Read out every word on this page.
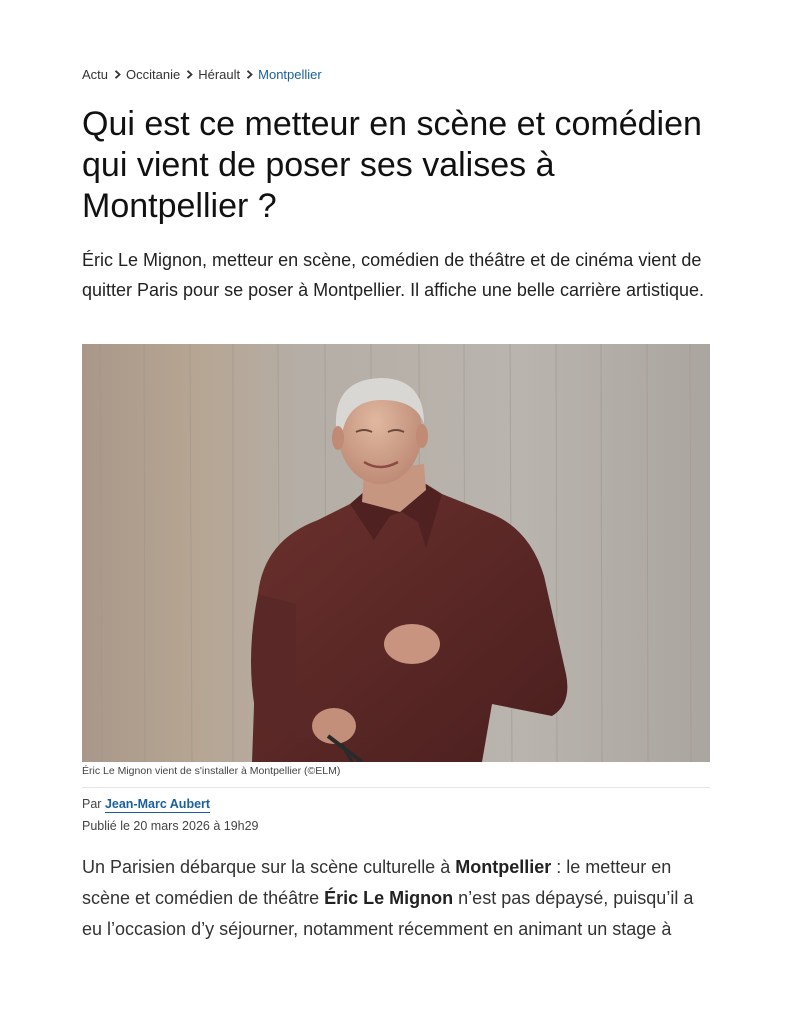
Actu Occitanie Hérault Montpellier
Qui est ce metteur en scène et comédien qui vient de poser ses valises à Montpellier ?

Éric Le Mignon, metteur en scène, comédien de théâtre et de cinéma vient de quitter Paris pour se poser à Montpellier. Il affiche une belle carrière artistique.

Éric Le Mignon vient de s'installer à Montpellier (©ELM)
Par Jean-Marc Aubert
Publié le 20 mars 2026 à 19h29

Un Parisien débarque sur la scène culturelle à Montpellier : le metteur en scène et comédien de théâtre Éric Le Mignon n’est pas dépaysé, puisqu’il a eu l’occasion d’y séjourner, notamment récemment en animant un stage à
